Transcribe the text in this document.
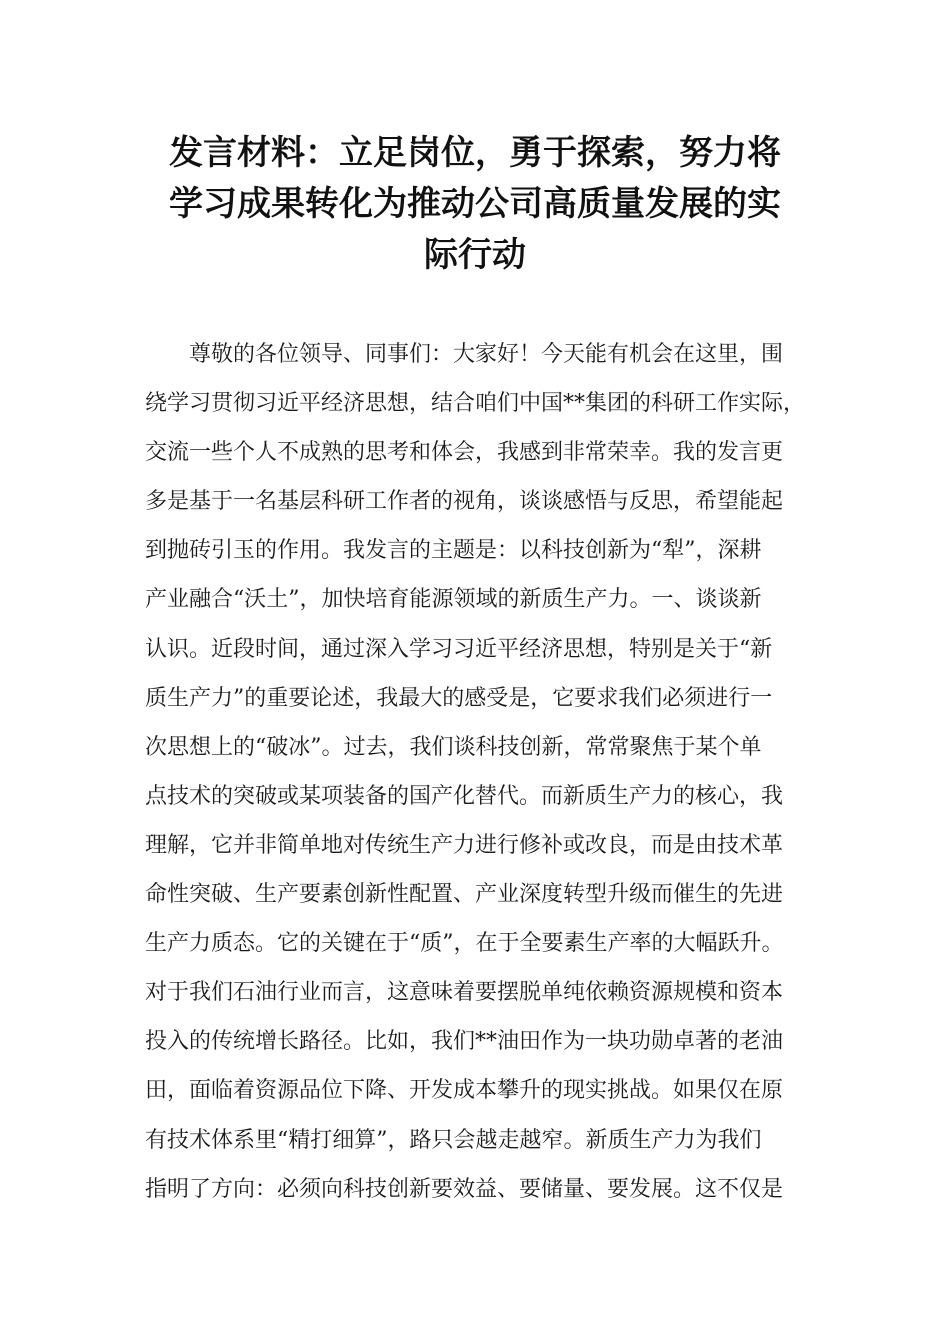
发言材料：立足岗位，勇于探索，努力将
学习成果转化为推动公司高质量发展的实
际行动
　　尊敬的各位领导、同事们：大家好！今天能有机会在这里，围
绕学习贯彻习近平经济思想，结合咱们中国**集团的科研工作实际，
交流一些个人不成熟的思考和体会，我感到非常荣幸。我的发言更
多是基于一名基层科研工作者的视角，谈谈感悟与反思，希望能起
到抛砖引玉的作用。我发言的主题是：以科技创新为“犁”，深耕
产业融合“沃土”，加快培育能源领域的新质生产力。一、谈谈新
认识。近段时间，通过深入学习习近平经济思想，特别是关于“新
质生产力”的重要论述，我最大的感受是，它要求我们必须进行一
次思想上的“破冰”。过去，我们谈科技创新，常常聚焦于某个单
点技术的突破或某项装备的国产化替代。而新质生产力的核心，我
理解，它并非简单地对传统生产力进行修补或改良，而是由技术革
命性突破、生产要素创新性配置、产业深度转型升级而催生的先进
生产力质态。它的关键在于“质”，在于全要素生产率的大幅跃升。
对于我们石油行业而言，这意味着要摆脱单纯依赖资源规模和资本
投入的传统增长路径。比如，我们**油田作为一块功勋卓著的老油
田，面临着资源品位下降、开发成本攀升的现实挑战。如果仅在原
有技术体系里“精打细算”，路只会越走越窄。新质生产力为我们
指明了方向：必须向科技创新要效益、要储量、要发展。这不仅是
